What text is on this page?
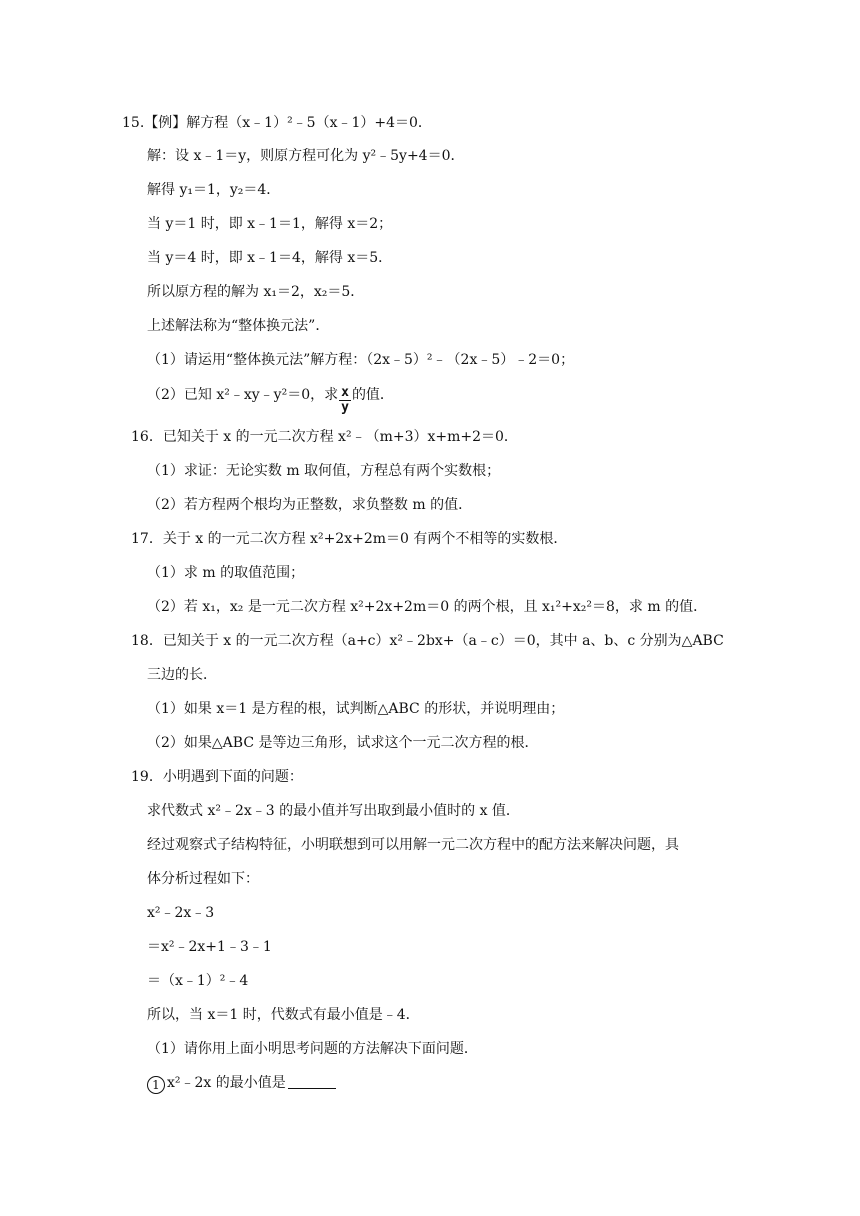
15.【例】解方程（x﹣1）²﹣5（x﹣1）+4＝0．
解：设 x﹣1＝y，则原方程可化为 y²﹣5y+4＝0．
解得 y₁＝1，y₂＝4．
当 y＝1 时，即 x﹣1＝1，解得 x＝2；
当 y＝4 时，即 x﹣1＝4，解得 x＝5．
所以原方程的解为 x₁＝2，x₂＝5．
上述解法称为“整体换元法”．
（1）请运用“整体换元法”解方程：（2x﹣5）²﹣（2x﹣5）﹣2＝0；
（2）已知 x²﹣xy﹣y²＝0，求 $\frac{x}{y}$ 的值．
16．已知关于 x 的一元二次方程 x²﹣（m+3）x+m+2＝0．
（1）求证：无论实数 m 取何值，方程总有两个实数根；
（2）若方程两个根均为正整数，求负整数 m 的值．
17．关于 x 的一元二次方程 x²+2x+2m＝0 有两个不相等的实数根．
（1）求 m 的取值范围；
（2）若 x₁，x₂ 是一元二次方程 x²+2x+2m＝0 的两个根，且 x₁²+x₂²＝8，求 m 的值．
18．已知关于 x 的一元二次方程（a+c）x²﹣2bx+（a﹣c）＝0，其中 a、b、c 分别为△ABC
三边的长．
（1）如果 x＝1 是方程的根，试判断△ABC 的形状，并说明理由；
（2）如果△ABC 是等边三角形，试求这个一元二次方程的根．
19．小明遇到下面的问题：
求代数式 x²﹣2x﹣3 的最小值并写出取到最小值时的 x 值．
经过观察式子结构特征，小明联想到可以用解一元二次方程中的配方法来解决问题，具
体分析过程如下：
x²﹣2x﹣3
＝x²﹣2x+1﹣3﹣1
＝（x﹣1）²﹣4
所以，当 x＝1 时，代数式有最小值是﹣4．
（1）请你用上面小明思考问题的方法解决下面问题．
1 x²﹣2x 的最小值是
